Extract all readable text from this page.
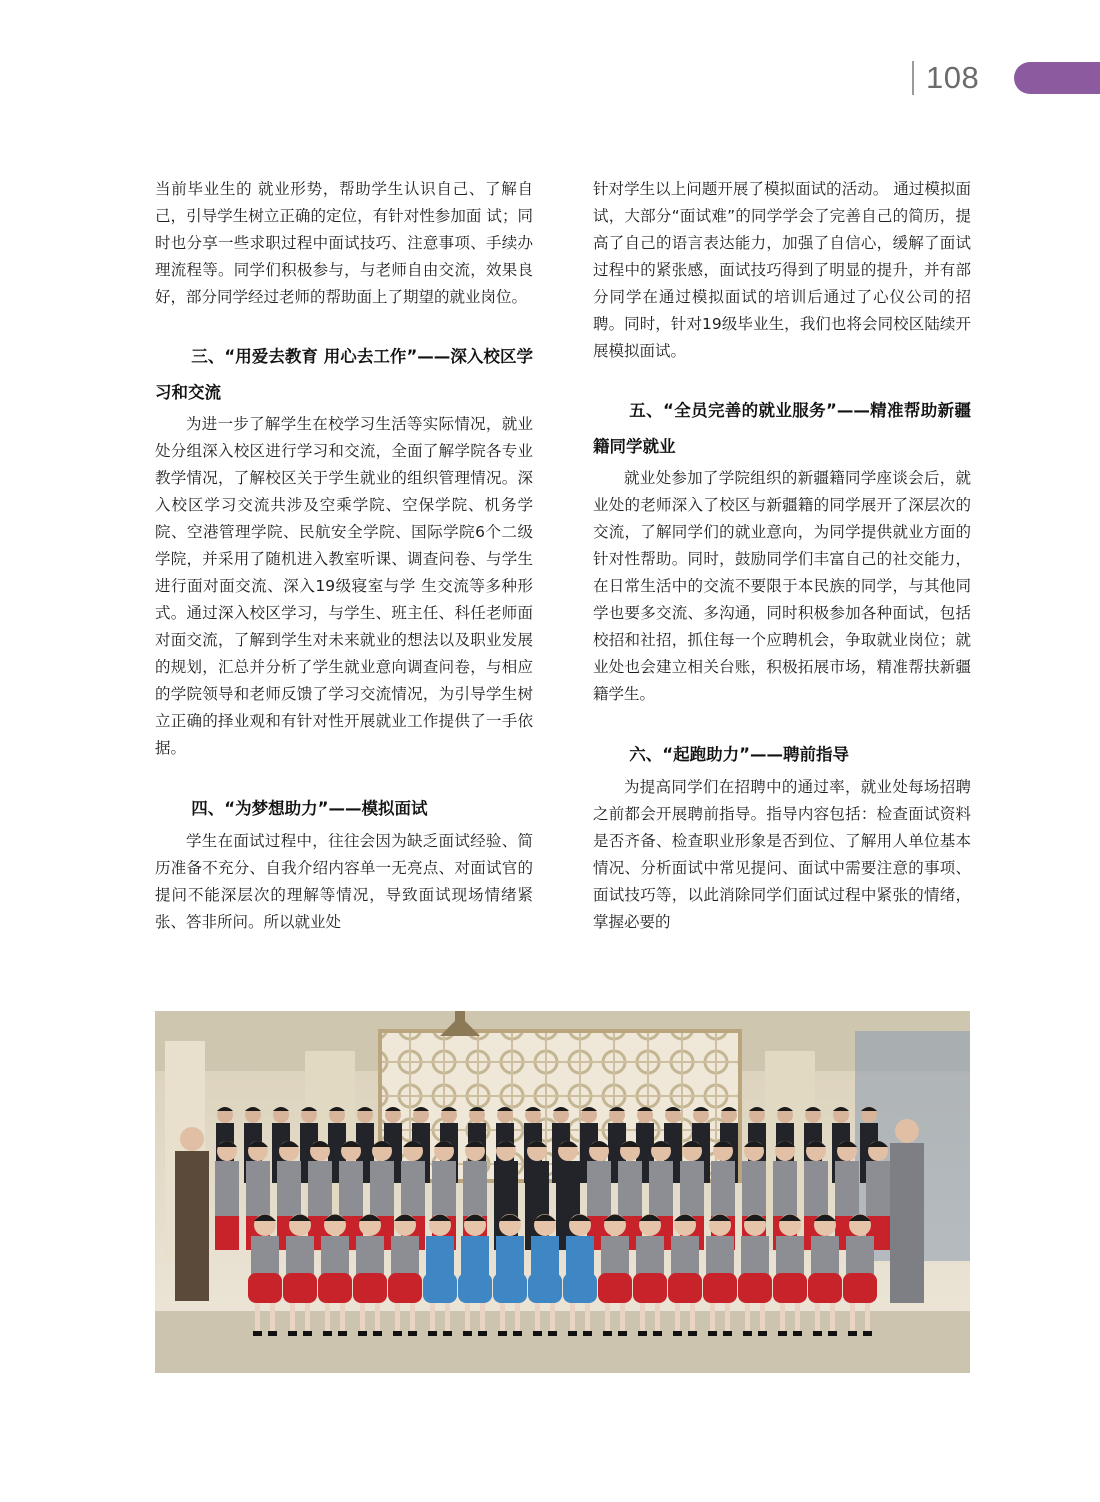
108

当前毕业生的 就业形势，帮助学生认识自己、了解自己，引导学生树立正确的定位，有针对性参加面 试；同时也分享一些求职过程中面试技巧、注意事项、手续办理流程等。同学们积极参与，与老师自由交流，效果良好，部分同学经过老师的帮助面上了期望的就业岗位。

三、“用爱去教育 用心去工作”——深入校区学习和交流

为进一步了解学生在校学习生活等实际情况，就业处分组深入校区进行学习和交流，全面了解学院各专业教学情况，了解校区关于学生就业的组织管理情况。深入校区学习交流共涉及空乘学院、空保学院、机务学院、空港管理学院、民航安全学院、国际学院6个二级学院，并采用了随机进入教室听课、调查问卷、与学生进行面对面交流、深入19级寝室与学 生交流等多种形式。通过深入校区学习，与学生、班主任、科任老师面对面交流，了解到学生对未来就业的想法以及职业发展的规划，汇总并分析了学生就业意向调查问卷，与相应的学院领导和老师反馈了学习交流情况，为引导学生树立正确的择业观和有针对性开展就业工作提供了一手依据。

四、“为梦想助力”——模拟面试

学生在面试过程中，往往会因为缺乏面试经验、简历准备不充分、自我介绍内容单一无亮点、对面试官的提问不能深层次的理解等情况，导致面试现场情绪紧张、答非所问。所以就业处

针对学生以上问题开展了模拟面试的活动。 通过模拟面试，大部分“面试难”的同学学会了完善自己的简历，提高了自己的语言表达能力，加强了自信心，缓解了面试过程中的紧张感，面试技巧得到了明显的提升，并有部分同学在通过模拟面试的培训后通过了心仪公司的招聘。同时，针对19级毕业生，我们也将会同校区陆续开展模拟面试。

五、“全员完善的就业服务”——精准帮助新疆籍同学就业

就业处参加了学院组织的新疆籍同学座谈会后，就业处的老师深入了校区与新疆籍的同学展开了深层次的交流，了解同学们的就业意向，为同学提供就业方面的针对性帮助。同时，鼓励同学们丰富自己的社交能力，在日常生活中的交流不要限于本民族的同学，与其他同学也要多交流、多沟通，同时积极参加各种面试，包括校招和社招，抓住每一个应聘机会，争取就业岗位；就业处也会建立相关台账，积极拓展市场，精准帮扶新疆籍学生。

六、“起跑助力”——聘前指导

为提高同学们在招聘中的通过率，就业处每场招聘之前都会开展聘前指导。指导内容包括：检查面试资料是否齐备、检查职业形象是否到位、了解用人单位基本情况、分析面试中常见提问、面试中需要注意的事项、面试技巧等，以此消除同学们面试过程中紧张的情绪，掌握必要的
